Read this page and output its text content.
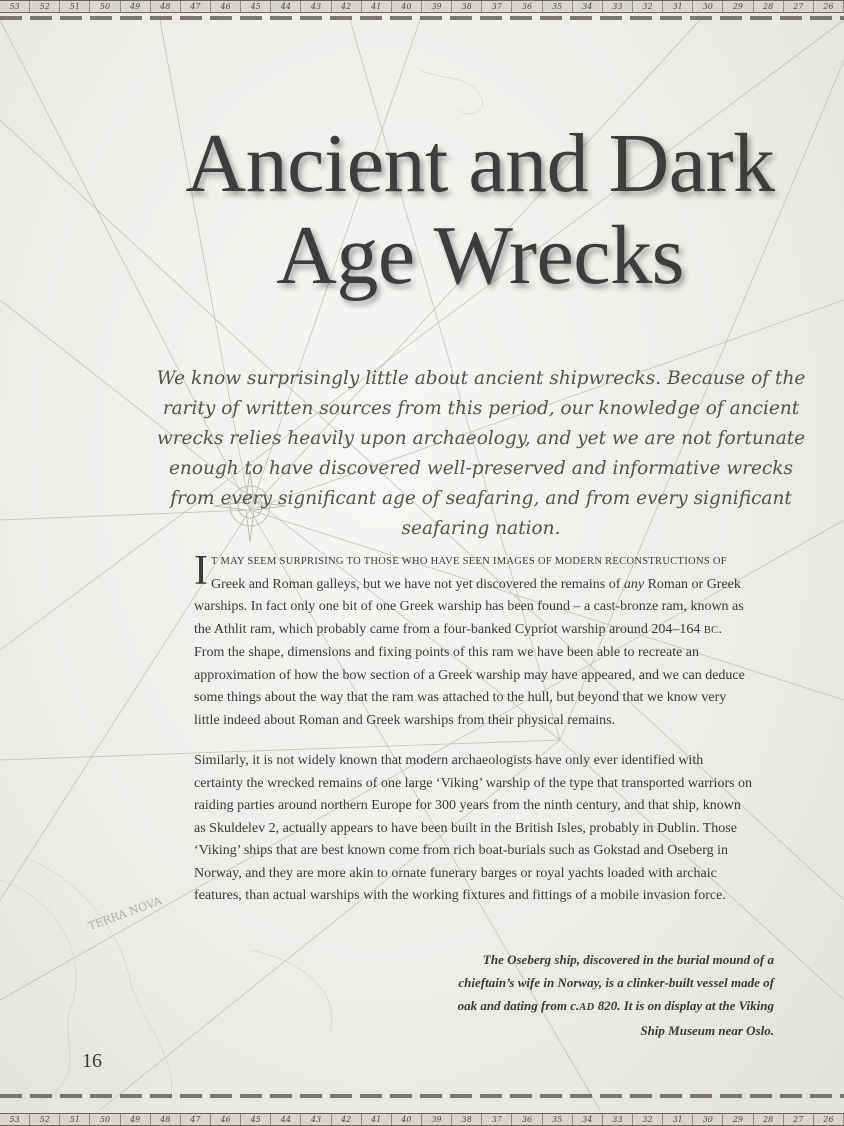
TERRA NOVA
53	52	51	50	49	48	47	46	45	44	43	42	41	40	39	38	37	36	35	34	33	32	31	30	29	28	27	26
Ancient and Dark
Age Wrecks

We know surprisingly little about ancient shipwrecks. Because of the rarity of written sources from this period, our knowledge of ancient wrecks relies heavily upon archaeology, and yet we are not fortunate enough to have discovered well-preserved and informative wrecks from every significant age of seafaring, and from every significant seafaring nation.

I T MAY SEEM SURPRISING TO THOSE WHO HAVE SEEN IMAGES OF MODERN RECONSTRUCTIONS OF Greek and Roman galleys, but we have not yet discovered the remains of any Roman or Greek warships. In fact only one bit of one Greek warship has been found – a cast-bronze ram, known as the Athlit ram, which probably came from a four-banked Cypriot warship around 204–164 BC. From the shape, dimensions and fixing points of this ram we have been able to recreate an approximation of how the bow section of a Greek warship may have appeared, and we can deduce some things about the way that the ram was attached to the hull, but beyond that we know very little indeed about Roman and Greek warships from their physical remains.

Similarly, it is not widely known that modern archaeologists have only ever identified with certainty the wrecked remains of one large ‘Viking’ warship of the type that transported warriors on raiding parties around northern Europe for 300 years from the ninth century, and that ship, known as Skuldelev 2, actually appears to have been built in the British Isles, probably in Dublin. Those ‘Viking’ ships that are best known come from rich boat-burials such as Gokstad and Oseberg in Norway, and they are more akin to ornate funerary barges or royal yachts loaded with archaic features, than actual warships with the working fixtures and fittings of a mobile invasion force.

The Oseberg ship, discovered in the burial mound of a chieftain’s wife in Norway, is a clinker-built vessel made of oak and dating from c.AD 820. It is on display at the Viking Ship Museum near Oslo.

16
53	52	51	50	49	48	47	46	45	44	43	42	41	40	39	38	37	36	35	34	33	32	31	30	29	28	27	26
